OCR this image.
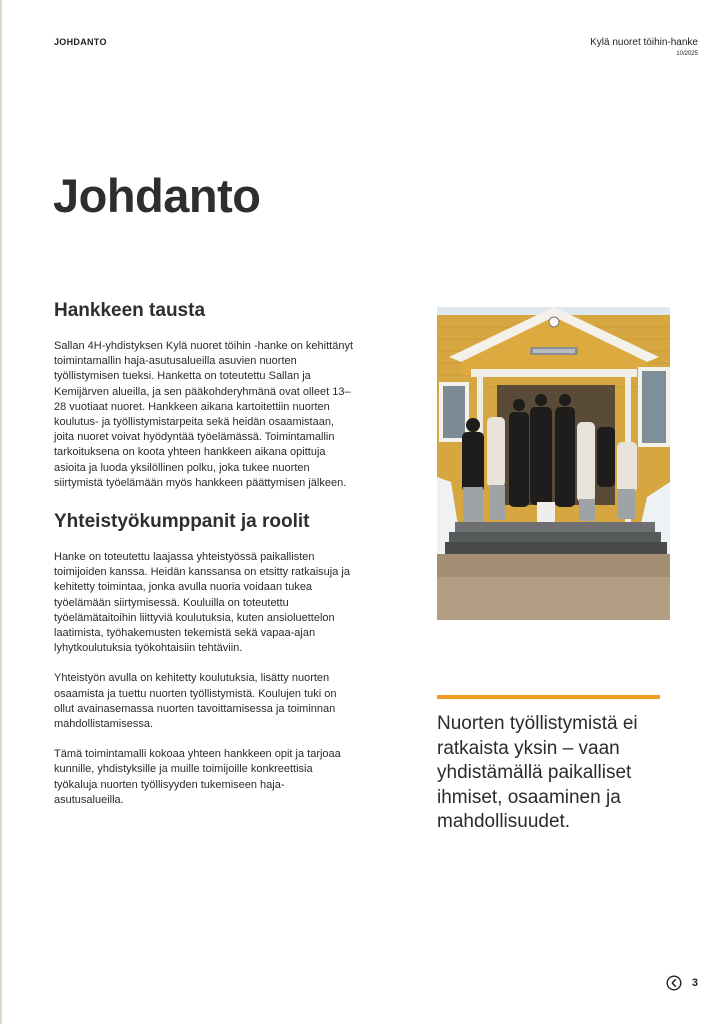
JOHDANTO	Kylä nuoret töihin-hanke
10/2025
Johdanto
Hankkeen tausta

Sallan 4H-yhdistyksen Kylä nuoret töihin -hanke on kehittänyt toimintamallin haja-asutusalueilla asuvien nuorten työllistymisen tueksi. Hanketta on toteutettu Sallan ja Kemijärven alueilla, ja sen pääkohderyhmänä ovat olleet 13–28 vuotiaat nuoret. Hankkeen aikana kartoitettiin nuorten koulutus- ja työllistymistarpeita sekä heidän osaamistaan, joita nuoret voivat hyödyntää työelämässä. Toimintamallin tarkoituksena on koota yhteen hankkeen aikana opittuja asioita ja luoda yksilöllinen polku, joka tukee nuorten siirtymistä työelämään myös hankkeen päättymisen jälkeen.

Yhteistyökumppanit ja roolit

Hanke on toteutettu laajassa yhteistyössä paikallisten toimijoiden kanssa. Heidän kanssansa on etsitty ratkaisuja ja kehitetty toimintaa, jonka avulla nuoria voidaan tukea työelämään siirtymisessä. Kouluilla on toteutettu työelämätaitoihin liittyviä koulutuksia, kuten ansioluettelon laatimista, työhakemusten tekemistä sekä vapaa-ajan lyhytkoulutuksia työkohtaisiin tehtäviin.

Yhteistyön avulla on kehitetty koulutuksia, lisätty nuorten osaamista ja tuettu nuorten työllistymistä. Koulujen tuki on ollut avainasemassa nuorten tavoittamisessa ja toiminnan mahdollistamisessa.

Tämä toimintamalli kokoaa yhteen hankkeen opit ja tarjoaa kunnille, yhdistyksille ja muille toimijoille konkreettisia työkaluja nuorten työllisyyden tukemiseen haja-asutusalueilla.

Nuorten työllistymistä ei ratkaista yksin – vaan yhdistämällä paikalliset ihmiset, osaaminen ja mahdollisuudet.

3
